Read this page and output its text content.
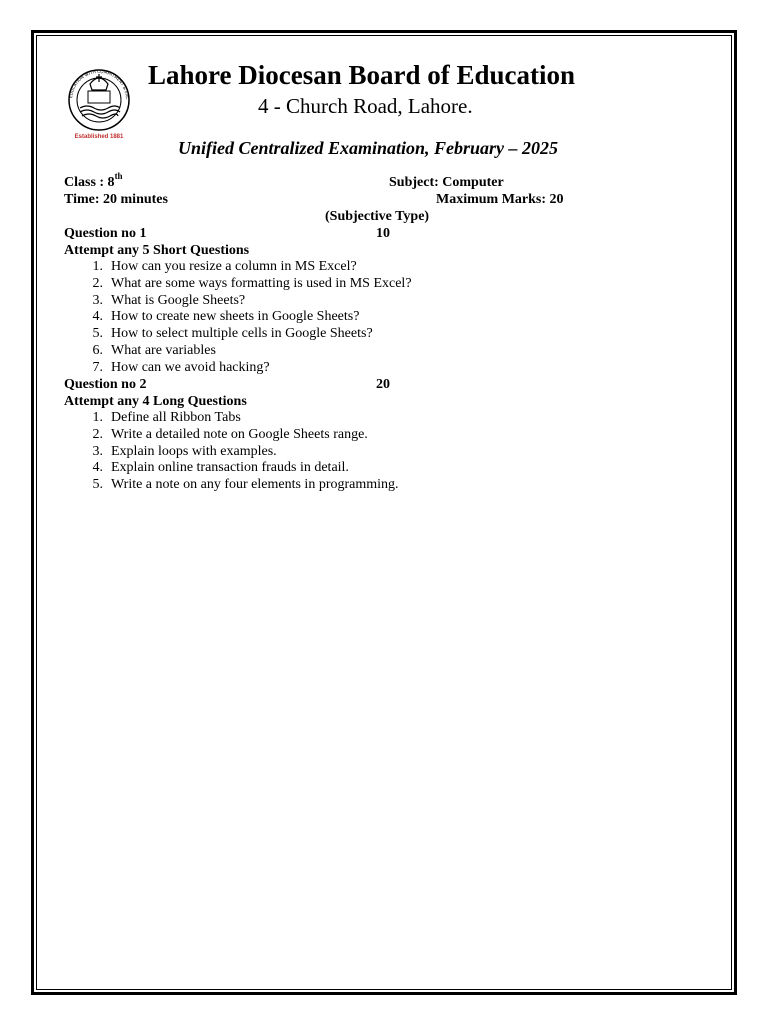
EDUCATION WITH COMMITMENT & EXC
Established 1881
Lahore Diocesan Board of Education
4 - Church Road, Lahore.
Unified Centralized Examination, February – 2025
Class : 8th	Subject: Computer
Time: 20 minutes	Maximum Marks: 20
(Subjective Type)
Question no 1	10
Attempt any 5 Short Questions
1. How can you resize a column in MS Excel?
2. What are some ways formatting is used in MS Excel?
3. What is Google Sheets?
4. How to create new sheets in Google Sheets?
5. How to select multiple cells in Google Sheets?
6. What are variables
7. How can we avoid hacking?
Question no 2	20
Attempt any 4 Long Questions
1. Define all Ribbon Tabs
2. Write a detailed note on Google Sheets range.
3. Explain loops with examples.
4. Explain online transaction frauds in detail.
5. Write a note on any four elements in programming.
